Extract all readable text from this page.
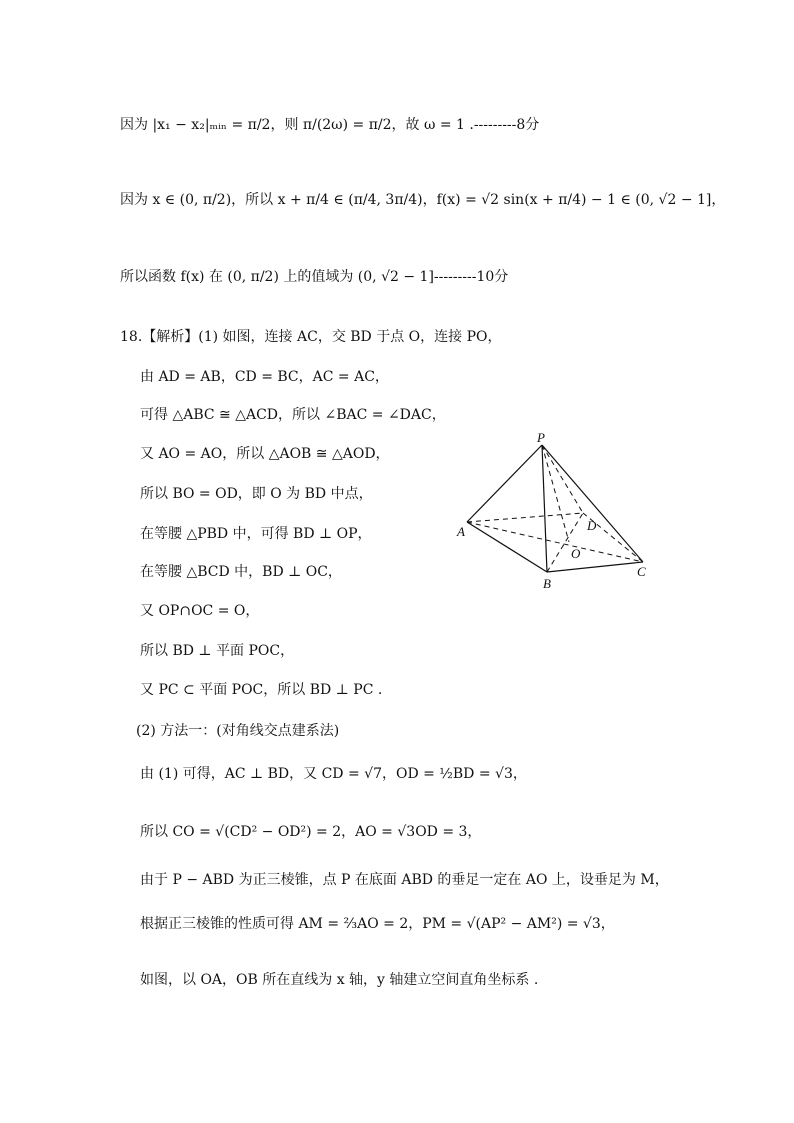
因为 |x₁ − x₂|ₘᵢₙ = π/2，则 π/(2ω) = π/2，故 ω = 1 .---------8分
因为 x ∈ (0, π/2)，所以 x + π/4 ∈ (π/4, 3π/4)，f(x) = √2 sin(x + π/4) − 1 ∈ (0, √2 − 1]，
所以函数 f(x) 在 (0, π/2) 上的值域为 (0, √2 − 1]---------10分
18.【解析】(1) 如图，连接 AC，交 BD 于点 O，连接 PO，
由 AD = AB，CD = BC，AC = AC，
可得 △ABC ≅ △ACD，所以 ∠BAC = ∠DAC，
又 AO = AO，所以 △AOB ≅ △AOD，
所以 BO = OD，即 O 为 BD 中点，
在等腰 △PBD 中，可得 BD ⊥ OP，
在等腰 △BCD 中，BD ⊥ OC，
又 OP∩OC = O，
所以 BD ⊥ 平面 POC，
又 PC ⊂ 平面 POC，所以 BD ⊥ PC .
(2) 方法一：(对角线交点建系法)
由 (1) 可得，AC ⊥ BD，又 CD = √7，OD = ½BD = √3，
所以 CO = √(CD² − OD²) = 2，AO = √3OD = 3，
由于 P − ABD 为正三棱锥，点 P 在底面 ABD 的垂足一定在 AO 上，设垂足为 M，
根据正三棱锥的性质可得 AM = ⅔AO = 2，PM = √(AP² − AM²) = √3，
如图，以 OA，OB 所在直线为 x 轴，y 轴建立空间直角坐标系 .
P
A
B
C
D
O
